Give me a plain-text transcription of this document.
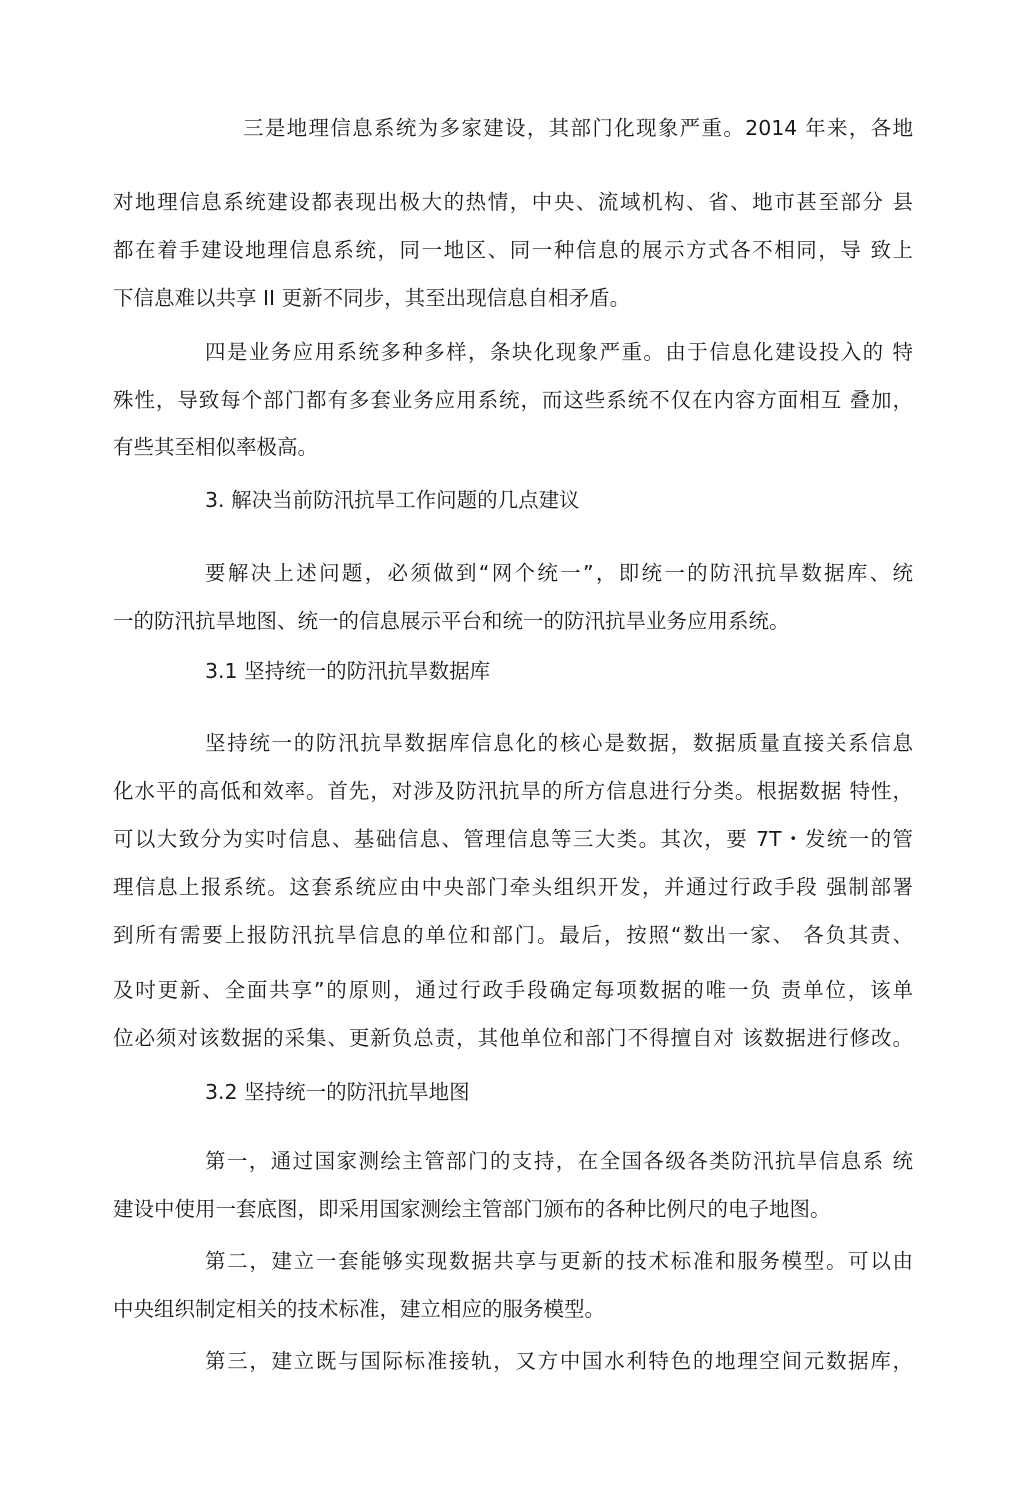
三是地理信息系统为多家建设，其部门化现象严重。2014 年来，各地
对地理信息系统建设都表现出极大的热情，中央、流域机构、省、地市甚至部分 县
都在着手建设地理信息系统，同一地区、同一种信息的展示方式各不相同，导 致上
下信息难以共享 II 更新不同步，其至出现信息自相矛盾。
四是业务应用系统多种多样，条块化现象严重。由于信息化建设投入的 特
殊性，导致每个部门都有多套业务应用系统，而这些系统不仅在内容方面相互 叠加，
有些其至相似率极高。
3. 解决当前防汛抗旱工作问题的几点建议
要解决上述问题，必须做到“网个统一”，即统一的防汛抗旱数据库、统
一的防汛抗旱地图、统一的信息展示平台和统一的防汛抗旱业务应用系统。
3.1 坚持统一的防汛抗旱数据库
坚持统一的防汛抗旱数据库信息化的核心是数据，数据质量直接关系信息
化水平的高低和效率。首先，对涉及防汛抗旱的所方信息进行分类。根据数据 特性，
可以大致分为实吋信息、基础信息、管理信息等三大类。其次，要 7T・发统一的管
理信息上报系统。这套系统应由中央部门牵头组织开发，并通过行政手段 强制部署
到所有需要上报防汛抗旱信息的单位和部门。最后，按照“数出一家、 各负其责、
及吋更新、全面共享”的原则，通过行政手段确定每项数据的唯一负 责单位，该单
位必须对该数据的采集、更新负总责，其他单位和部门不得擅自对 该数据进行修改。
3.2 坚持统一的防汛抗旱地图
第一，通过国家测绘主管部门的支持，在全国各级各类防汛抗旱信息系 统
建设中使用一套底图，即采用国家测绘主管部门颁布的各种比例尺的电子地图。
第二，建立一套能够实现数据共享与更新的技术标准和服务模型。可以由
中央组织制定相关的技术标准，建立相应的服务模型。
第三，建立既与国际标准接轨，又方中国水利特色的地理空间元数据库，
